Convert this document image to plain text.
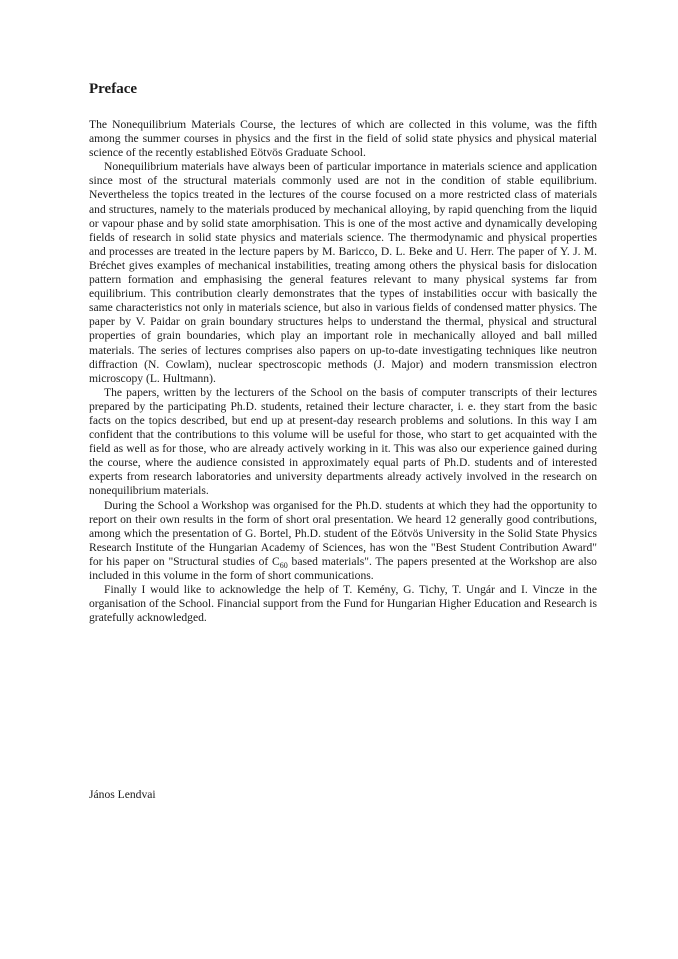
Preface

The Nonequilibrium Materials Course, the lectures of which are collected in this volume, was the fifth among the summer courses in physics and the first in the field of solid state physics and physical material science of the recently established Eötvös Graduate School.

Nonequilibrium materials have always been of particular importance in materials science and application since most of the structural materials commonly used are not in the condition of stable equilibrium. Nevertheless the topics treated in the lectures of the course focused on a more restricted class of materials and structures, namely to the materials produced by mechanical alloying, by rapid quenching from the liquid or vapour phase and by solid state amorphisation. This is one of the most active and dynamically developing fields of research in solid state physics and materials science. The thermodynamic and physical properties and processes are treated in the lecture papers by M. Baricco, D. L. Beke and U. Herr. The paper of Y. J. M. Bréchet gives examples of mechanical instabilities, treating among others the physical basis for dislocation pattern formation and emphasising the general features relevant to many physical systems far from equilibrium. This contribution clearly demonstrates that the types of instabilities occur with basically the same characteristics not only in materials science, but also in various fields of condensed matter physics. The paper by V. Paidar on grain boundary structures helps to understand the thermal, physical and structural properties of grain boundaries, which play an important role in mechanically alloyed and ball milled materials. The series of lectures comprises also papers on up-to-date investigating techniques like neutron diffraction (N. Cowlam), nuclear spectroscopic methods (J. Major) and modern transmission electron microscopy (L. Hultmann).

The papers, written by the lecturers of the School on the basis of computer transcripts of their lectures prepared by the participating Ph.D. students, retained their lecture character, i. e. they start from the basic facts on the topics described, but end up at present-day research problems and solutions. In this way I am confident that the contributions to this volume will be useful for those, who start to get acquainted with the field as well as for those, who are already actively working in it. This was also our experience gained during the course, where the audience consisted in approximately equal parts of Ph.D. students and of interested experts from research laboratories and university departments already actively involved in the research on nonequilibrium materials.

During the School a Workshop was organised for the Ph.D. students at which they had the opportunity to report on their own results in the form of short oral presentation. We heard 12 generally good contributions, among which the presentation of G. Bortel, Ph.D. student of the Eötvös University in the Solid State Physics Research Institute of the Hungarian Academy of Sciences, has won the "Best Student Contribution Award" for his paper on "Structural studies of $C_{60}$ based materials". The papers presented at the Workshop are also included in this volume in the form of short communications.

Finally I would like to acknowledge the help of T. Kemény, G. Tichy, T. Ungár and I. Vincze in the organisation of the School. Financial support from the Fund for Hungarian Higher Education and Research is gratefully acknowledged.

János Lendvai
